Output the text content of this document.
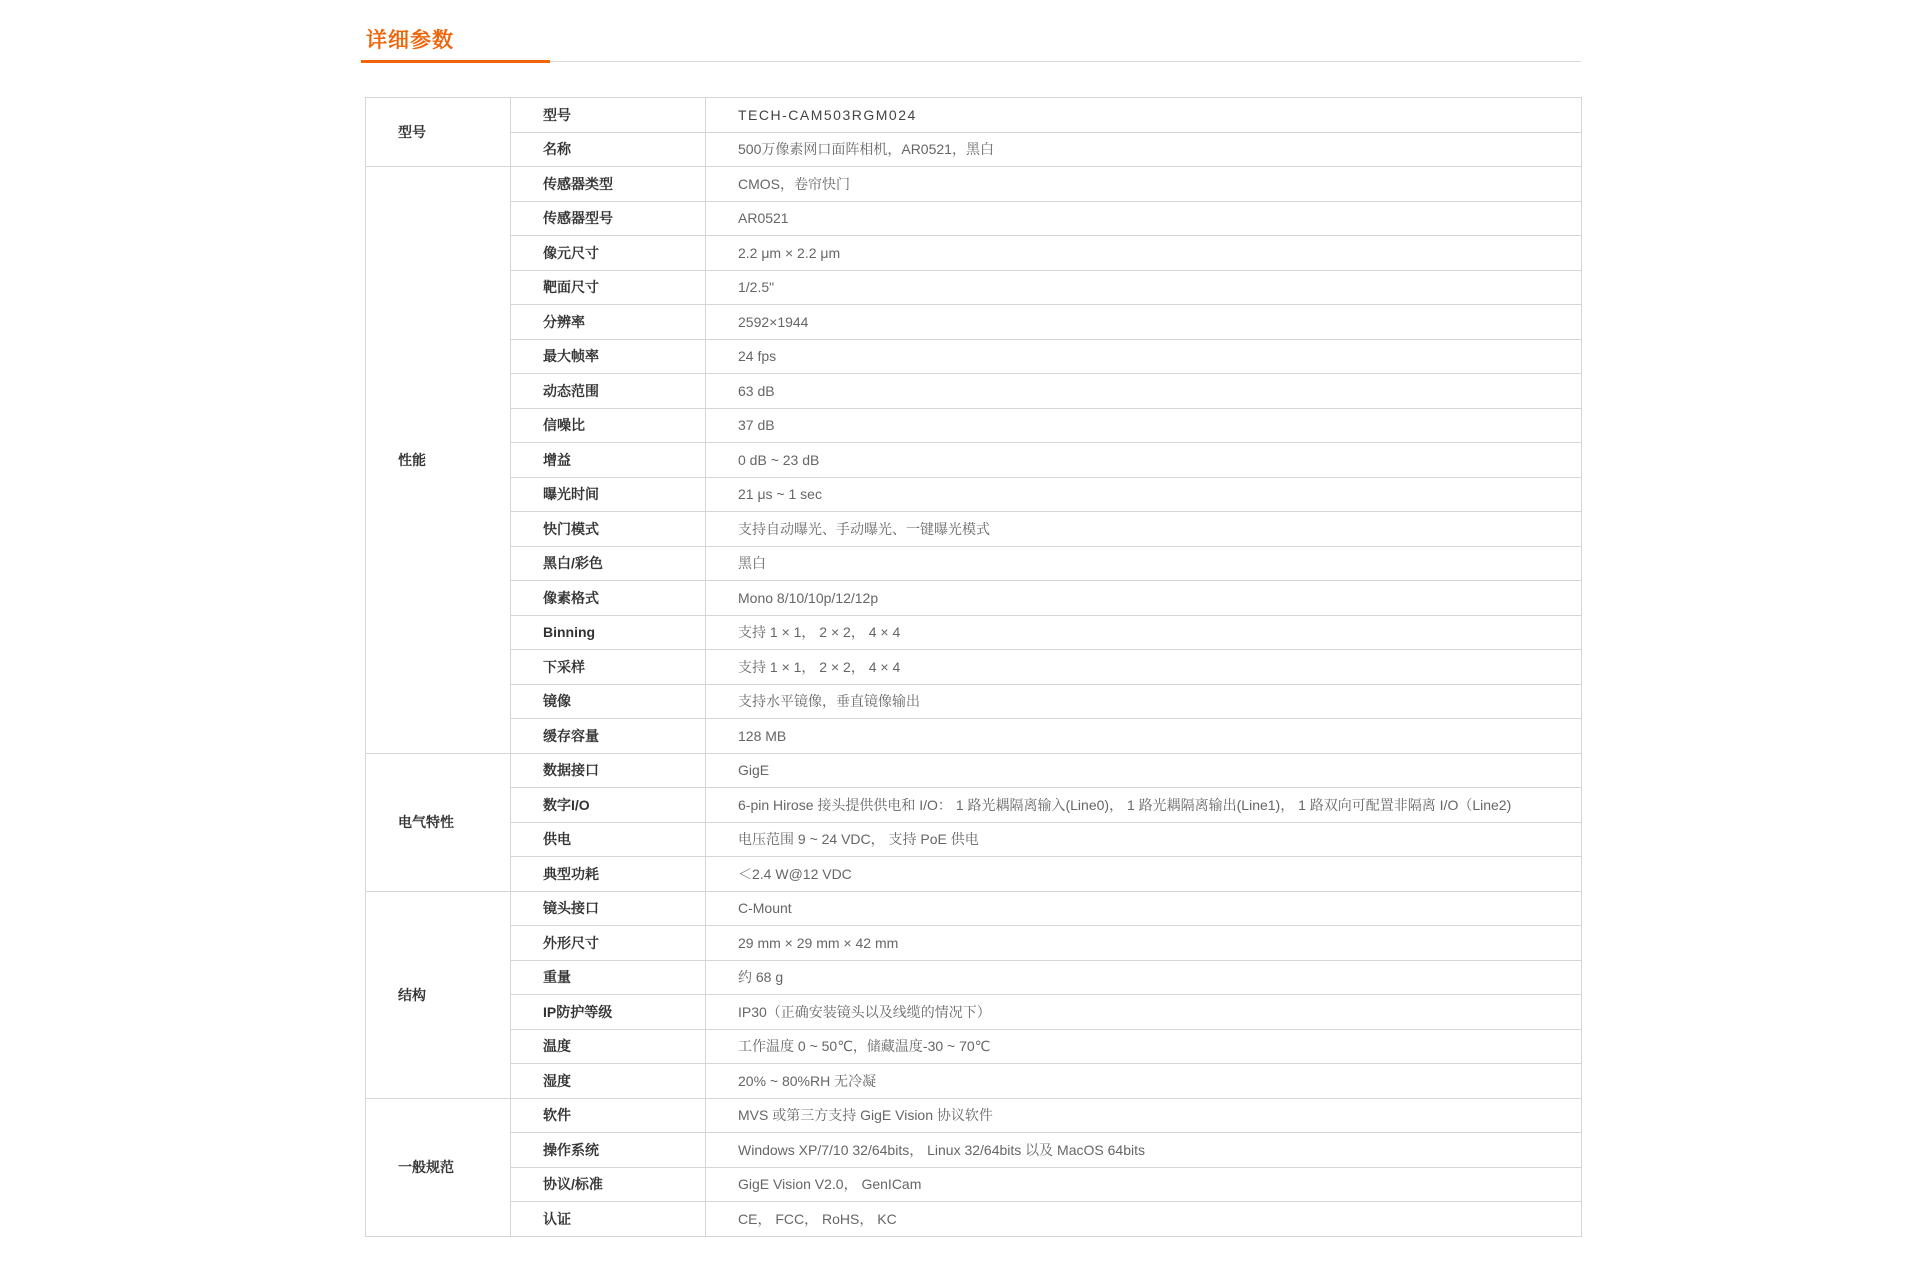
详细参数
型号	型号	TECH-CAM503RGM024
	名称	500万像素网口面阵相机，AR0521，黑白
性能	传感器类型	CMOS，卷帘快门
	传感器型号	AR0521
	像元尺寸	2.2 μm × 2.2 μm
	靶面尺寸	1/2.5"
	分辨率	2592×1944
	最大帧率	24 fps
	动态范围	63 dB
	信噪比	37 dB
	增益	0 dB ~ 23 dB
	曝光时间	21 μs ~ 1 sec
	快门模式	支持自动曝光、手动曝光、一键曝光模式
	黑白/彩色	黑白
	像素格式	Mono 8/10/10p/12/12p
	Binning	支持 1 × 1， 2 × 2， 4 × 4
	下采样	支持 1 × 1， 2 × 2， 4 × 4
	镜像	支持水平镜像，垂直镜像输出
	缓存容量	128 MB
电气特性	数据接口	GigE
	数字I/O	6-pin Hirose 接头提供供电和 I/O： 1 路光耦隔离输入(Line0)， 1 路光耦隔离输出(Line1)， 1 路双向可配置非隔离 I/O（Line2)
	供电	电压范围 9 ~ 24 VDC， 支持 PoE 供电
	典型功耗	＜2.4 W@12 VDC
结构	镜头接口	C-Mount
	外形尺寸	29 mm × 29 mm × 42 mm
	重量	约 68 g
	IP防护等级	IP30（正确安装镜头以及线缆的情况下）
	温度	工作温度 0 ~ 50℃，储藏温度-30 ~ 70℃
	湿度	20% ~ 80%RH 无冷凝
一般规范	软件	MVS 或第三方支持 GigE Vision 协议软件
	操作系统	Windows XP/7/10 32/64bits， Linux 32/64bits 以及 MacOS 64bits
	协议/标准	GigE Vision V2.0， GenICam
	认证	CE， FCC， RoHS， KC
